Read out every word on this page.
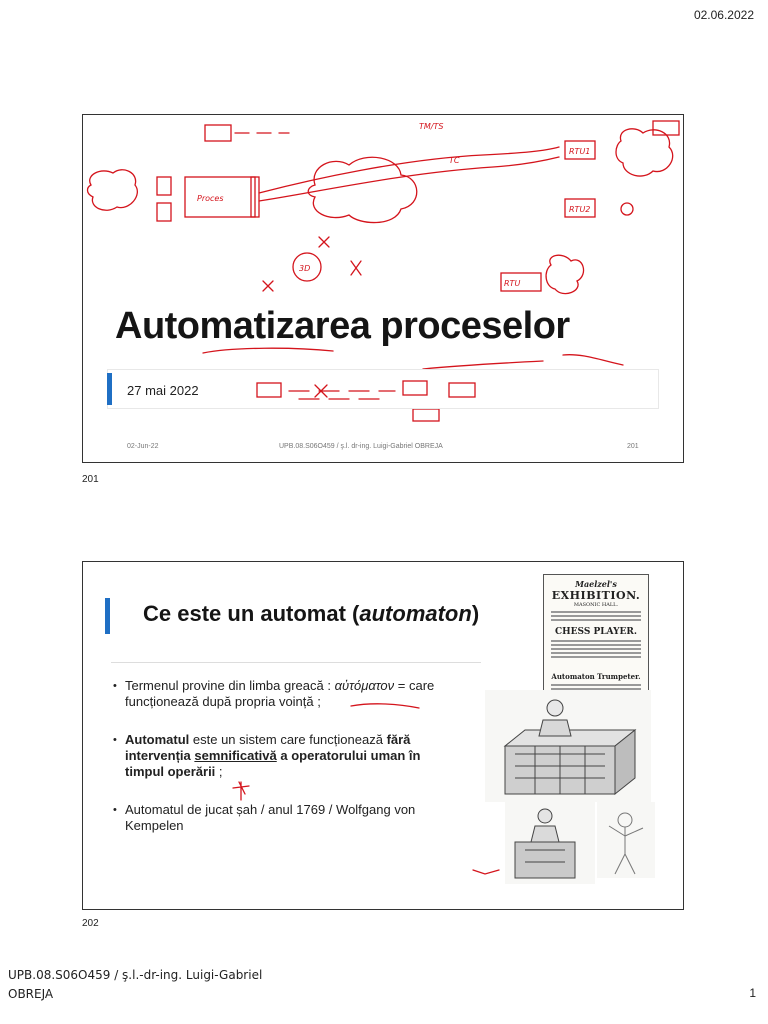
02.06.2022
TM/TS
TC
RTU1
RTU2
RTU
Proces
3D
Automatizarea proceselor
27 mai 2022
02-Jun-22	UPB.08.S06O459 / ş.l. dr-ing. Luigi-Gabriel OBREJA	201
201
Ce este un automat (automaton)
• Termenul provine din limba greacă : αὐτόματον = care funcționează după propria voință ;
• Automatul este un sistem care funcționează fără intervenția semnificativă a operatorului uman în timpul operării ;
• Automatul de jucat șah / anul 1769 / Wolfgang von Kempelen
Maelzel's
EXHIBITION.
MASONIC HALL.
CHESS PLAYER.
Automaton Trumpeter.
202
UPB.08.S06O459 / ş.l.-dr-ing. Luigi-Gabriel OBREJA	1
